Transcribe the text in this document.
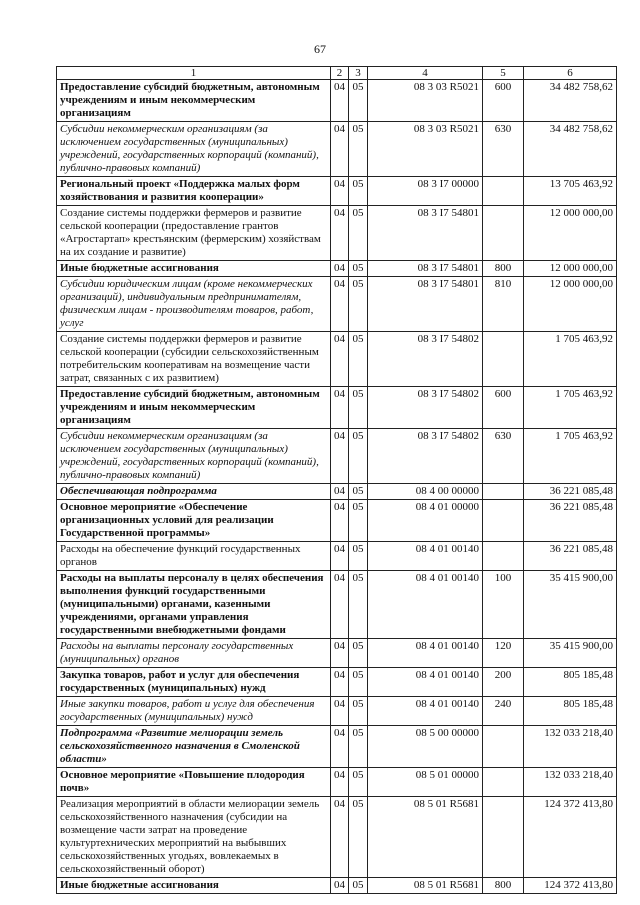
67
1	2	3	4	5	6
Предоставление субсидий бюджетным, автономным учреждениям и иным некоммерческим организациям	04	05	08 3 03 R5021	600	34 482 758,62
Субсидии некоммерческим организациям (за исключением государственных (муниципальных) учреждений, государственных корпораций (компаний), публично-правовых компаний)	04	05	08 3 03 R5021	630	34 482 758,62
Региональный проект «Поддержка малых форм хозяйствования и развития кооперации»	04	05	08 3 I7 00000		13 705 463,92
Создание системы поддержки фермеров и развитие сельской кооперации (предоставление грантов «Агростартап» крестьянским (фермерским) хозяйствам на их создание и развитие)	04	05	08 3 I7 54801		12 000 000,00
Иные бюджетные ассигнования	04	05	08 3 I7 54801	800	12 000 000,00
Субсидии юридическим лицам (кроме некоммерческих организаций), индивидуальным предпринимателям, физическим лицам - производителям товаров, работ, услуг	04	05	08 3 I7 54801	810	12 000 000,00
Создание системы поддержки фермеров и развитие сельской кооперации (субсидии сельскохозяйственным потребительским кооперативам на возмещение части затрат, связанных с их развитием)	04	05	08 3 I7 54802		1 705 463,92
Предоставление субсидий бюджетным, автономным учреждениям и иным некоммерческим организациям	04	05	08 3 I7 54802	600	1 705 463,92
Субсидии некоммерческим организациям (за исключением государственных (муниципальных) учреждений, государственных корпораций (компаний), публично-правовых компаний)	04	05	08 3 I7 54802	630	1 705 463,92
Обеспечивающая подпрограмма	04	05	08 4 00 00000		36 221 085,48
Основное мероприятие «Обеспечение организационных условий для реализации Государственной программы»	04	05	08 4 01 00000		36 221 085,48
Расходы на обеспечение функций государственных органов	04	05	08 4 01 00140		36 221 085,48
Расходы на выплаты персоналу в целях обеспечения выполнения функций государственными (муниципальными) органами, казенными учреждениями, органами управления государственными внебюджетными фондами	04	05	08 4 01 00140	100	35 415 900,00
Расходы на выплаты персоналу государственных (муниципальных) органов	04	05	08 4 01 00140	120	35 415 900,00
Закупка товаров, работ и услуг для обеспечения государственных (муниципальных) нужд	04	05	08 4 01 00140	200	805 185,48
Иные закупки товаров, работ и услуг для обеспечения государственных (муниципальных) нужд	04	05	08 4 01 00140	240	805 185,48
Подпрограмма «Развитие мелиорации земель сельскохозяйственного назначения в Смоленской области»	04	05	08 5 00 00000		132 033 218,40
Основное мероприятие «Повышение плодородия почв»	04	05	08 5 01 00000		132 033 218,40
Реализация мероприятий в области мелиорации земель сельскохозяйственного назначения (субсидии на возмещение части затрат на проведение культуртехнических мероприятий на выбывших сельскохозяйственных угодьях, вовлекаемых в сельскохозяйственный оборот)	04	05	08 5 01 R5681		124 372 413,80
Иные бюджетные ассигнования	04	05	08 5 01 R5681	800	124 372 413,80
